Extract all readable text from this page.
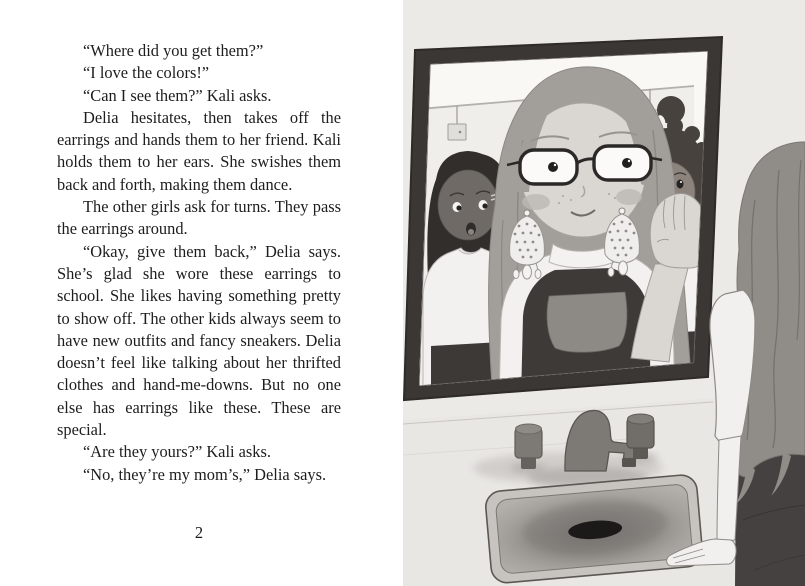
“Where did you get them?”

“I love the colors!”

“Can I see them?” Kali asks.

Delia hesitates, then takes off the earrings and hands them to her friend. Kali holds them to her ears. She swishes them back and forth, making them dance.

The other girls ask for turns. They pass the earrings around.

“Okay, give them back,” Delia says. She’s glad she wore these earrings to school. She likes having something pretty to show off. The other kids always seem to have new outfits and fancy sneakers. Delia doesn’t feel like talking about her thrifted clothes and hand-me-downs. But no one else has earrings like these. These are special.

“Are they yours?” Kali asks.

“No, they’re my mom’s,” Delia says.

2
